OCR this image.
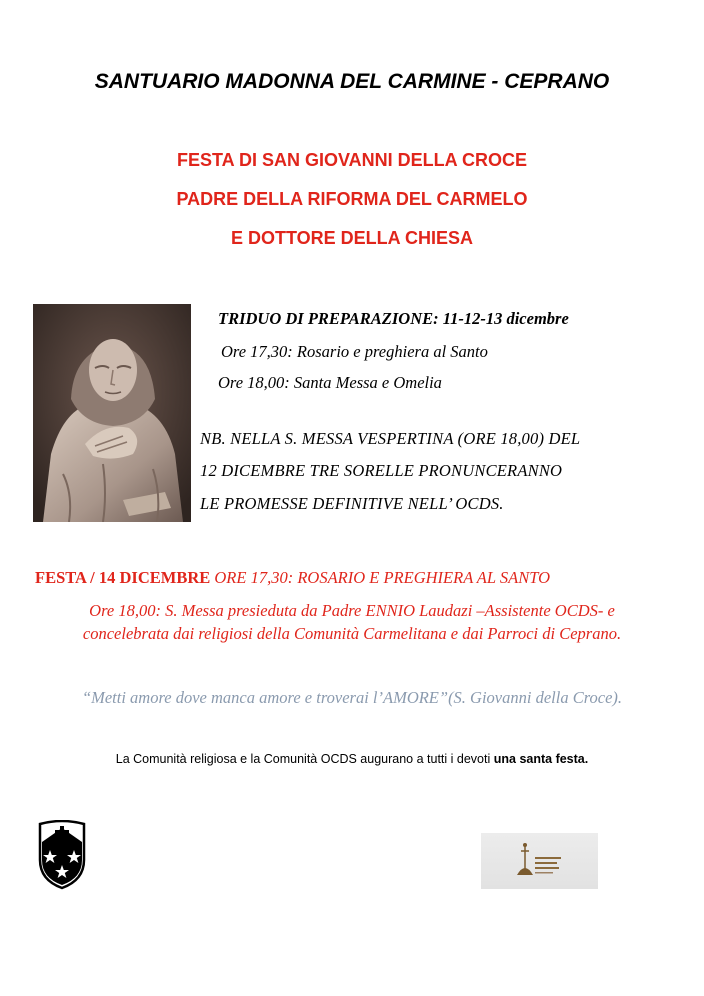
SANTUARIO MADONNA DEL CARMINE - CEPRANO
FESTA DI SAN GIOVANNI DELLA CROCE
PADRE DELLA RIFORMA DEL CARMELO
E DOTTORE DELLA CHIESA
TRIDUO DI PREPARAZIONE: 11-12-13 dicembre
Ore 17,30: Rosario e preghiera al Santo
Ore 18,00: Santa Messa e Omelia
NB. NELLA S. MESSA VESPERTINA (ORE 18,00) DEL
12 DICEMBRE TRE SORELLE PRONUNCERANNO
LE PROMESSE DEFINITIVE NELL’ OCDS.
FESTA / 14 DICEMBRE ORE 17,30: ROSARIO E PREGHIERA AL SANTO
Ore 18,00: S. Messa presieduta da Padre ENNIO Laudazi –Assistente OCDS- e
concelebrata dai religiosi della Comunità Carmelitana e dai Parroci di Ceprano.
“Metti amore dove manca amore e troverai l’AMORE”(S. Giovanni della Croce).
La Comunità religiosa e la Comunità OCDS augurano a tutti i devoti una santa festa.
